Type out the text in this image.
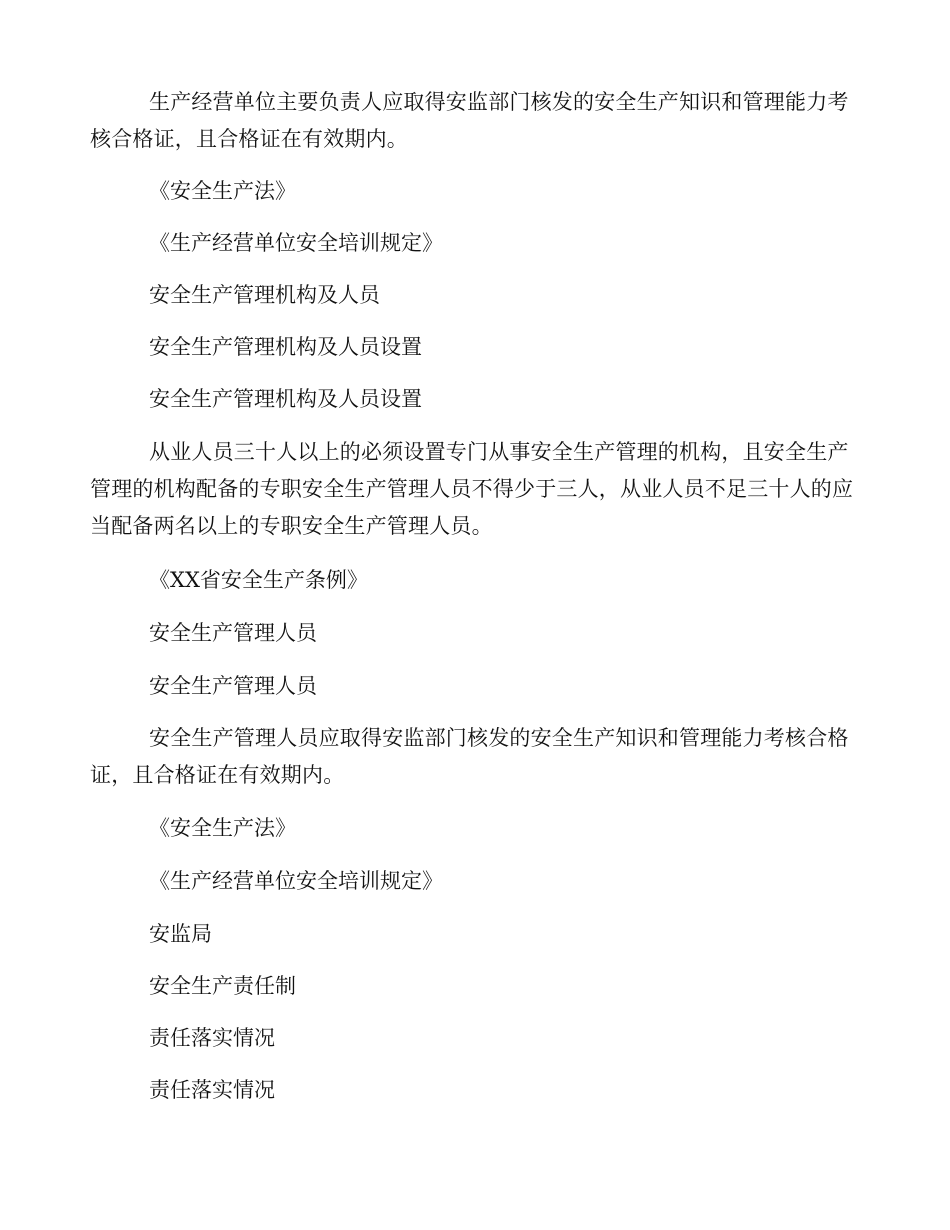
生产经营单位主要负责人应取得安监部门核发的安全生产知识和管理能力考核合格证，且合格证在有效期内。

《安全生产法》

《生产经营单位安全培训规定》

安全生产管理机构及人员

安全生产管理机构及人员设置

安全生产管理机构及人员设置

从业人员三十人以上的必须设置专门从事安全生产管理的机构，且安全生产管理的机构配备的专职安全生产管理人员不得少于三人，从业人员不足三十人的应当配备两名以上的专职安全生产管理人员。

《XX省安全生产条例》

安全生产管理人员

安全生产管理人员

安全生产管理人员应取得安监部门核发的安全生产知识和管理能力考核合格证，且合格证在有效期内。

《安全生产法》

《生产经营单位安全培训规定》

安监局

安全生产责任制

责任落实情况

责任落实情况
